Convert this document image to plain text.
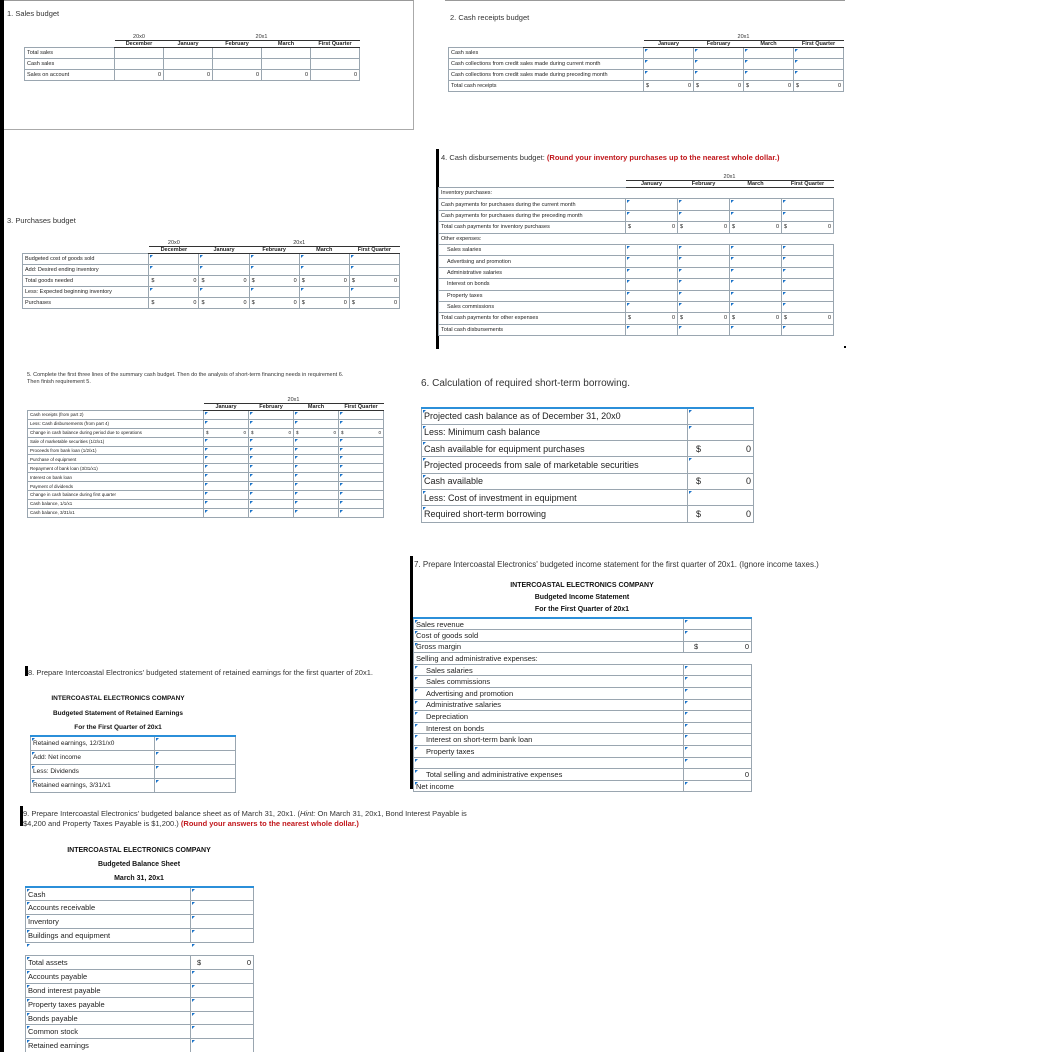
1. Sales budget
	20x0	20x1			
	December	January	February	March	First Quarter
Total sales					
Cash sales					
Sales on account	0	0	0	0	0
2. Cash receipts budget
	20x1			
	January	February	March	First Quarter
Cash sales				
Cash collections from credit sales made during current month				
Cash collections from credit sales made during preceding month				
Total cash receipts	$ 0	$ 0	$ 0	$ 0
4. Cash disbursements budget: (Round your inventory purchases up to the nearest whole dollar.)
	20x1			
	January	February	March	First Quarter
Inventory purchases:				
Cash payments for purchases during the current month				
Cash payments for purchases during the preceding month				
Total cash payments for inventory purchases	$ 0	$ 0	$ 0	$ 0
Other expenses:				
Sales salaries				
Advertising and promotion				
Administrative salaries				
Interest on bonds				
Property taxes				
Sales commissions				
Total cash payments for other expenses	$ 0	$ 0	$ 0	$ 0
Total cash disbursements				
3. Purchases budget
	20x0	20x1			
	December	January	February	March	First Quarter
Budgeted cost of goods sold					
Add: Desired ending inventory					
Total goods needed	$ 0	$ 0	$ 0	$ 0	$ 0
Less: Expected beginning inventory					
Purchases	$ 0	$ 0	$ 0	$ 0	$ 0
5. Complete the first three lines of the summary cash budget. Then do the analysis of short-term financing needs in requirement 6.
Then finish requirement 5.
	20x1			
	January	February	March	First Quarter
Cash receipts (from part 2)				
Less: Cash disbursements (from part 4)				
Change in cash balance during period due to operations	$ 0	$ 0	$ 0	$ 0
Sale of marketable securities (1/2/x1)				
Proceeds from bank loan (1/2/x1)				
Purchase of equipment				
Repayment of bank loan (3/31/x1)				
Interest on bank loan				
Payment of dividends				
Change in cash balance during first quarter				
Cash balance, 1/1/x1				
Cash balance, 3/31/x1				
6. Calculation of required short-term borrowing.
Projected cash balance as of December 31, 20x0	
Less: Minimum cash balance	
Cash available for equipment purchases	$ 0
Projected proceeds from sale of marketable securities	
Cash available	$ 0
Less: Cost of investment in equipment	
Required short-term borrowing	$ 0
7. Prepare Intercoastal Electronics' budgeted income statement for the first quarter of 20x1. (Ignore income taxes.)
INTERCOASTAL ELECTRONICS COMPANY
Budgeted Income Statement
For the First Quarter of 20x1
Sales revenue	
Cost of goods sold	
Gross margin	$ 0
Selling and administrative expenses:	
Sales salaries	
Sales commissions	
Advertising and promotion	
Administrative salaries	
Depreciation	
Interest on bonds	
Interest on short-term bank loan	
Property taxes	

Total selling and administrative expenses	0
Net income	
8. Prepare Intercoastal Electronics' budgeted statement of retained earnings for the first quarter of 20x1.
INTERCOASTAL ELECTRONICS COMPANY
Budgeted Statement of Retained Earnings
For the First Quarter of 20x1
Retained earnings, 12/31/x0	
Add: Net income	
Less: Dividends	
Retained earnings, 3/31/x1	
9. Prepare Intercoastal Electronics' budgeted balance sheet as of March 31, 20x1. (Hint: On March 31, 20x1, Bond Interest Payable is
$4,200 and Property Taxes Payable is $1,200.) (Round your answers to the nearest whole dollar.)
INTERCOASTAL ELECTRONICS COMPANY
Budgeted Balance Sheet
March 31, 20x1
Cash	
Accounts receivable	
Inventory	
Buildings and equipment	

Total assets	$ 0
Accounts payable	
Bond interest payable	
Property taxes payable	
Bonds payable	
Common stock	
Retained earnings	
